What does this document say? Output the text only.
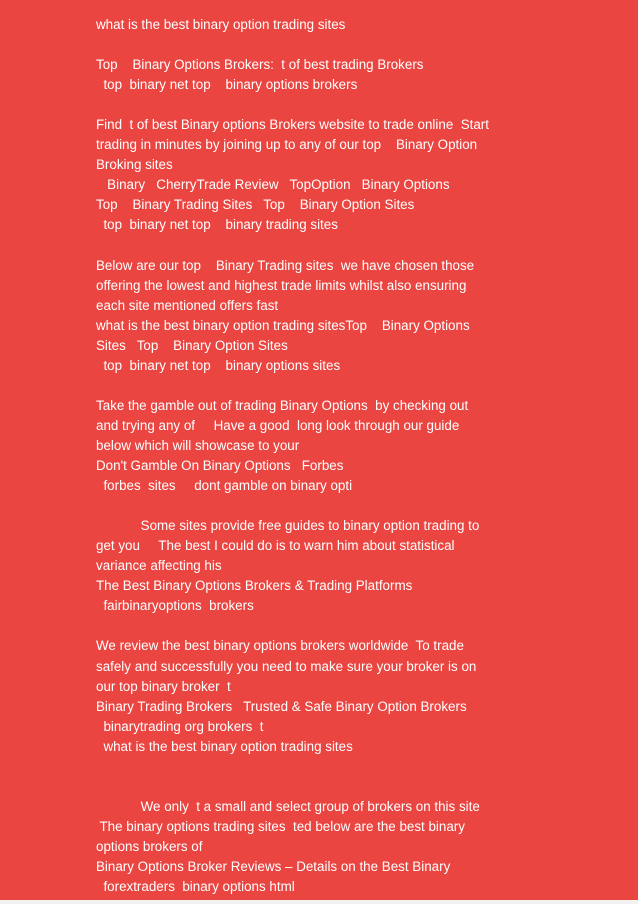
what is the best binary option trading sites
Top    Binary Options Brokers:  t of best trading Brokers
top  binary net top    binary options brokers
Find  t of best Binary options Brokers website to trade online  Start
trading in minutes by joining up to any of our top    Binary Option
Broking sites
Binary   CherryTrade Review   TopOption   Binary Options
Top    Binary Trading Sites   Top    Binary Option Sites
top  binary net top    binary trading sites
Below are our top    Binary Trading sites  we have chosen those
offering the lowest and highest trade limits whilst also ensuring
each site mentioned offers fast
what is the best binary option trading sitesTop    Binary Options
Sites   Top    Binary Option Sites
top  binary net top    binary options sites
Take the gamble out of trading Binary Options  by checking out
and trying any of     Have a good  long look through our guide
below which will showcase to your
Don't Gamble On Binary Options   Forbes
forbes  sites     dont gamble on binary opti
Some sites provide free guides to binary option trading to
get you     The best I could do is to warn him about statistical
variance affecting his
The Best Binary Options Brokers & Trading Platforms
fairbinaryoptions  brokers
We review the best binary options brokers worldwide  To trade
safely and successfully you need to make sure your broker is on
our top binary broker  t
Binary Trading Brokers   Trusted & Safe Binary Option Brokers
binarytrading org brokers  t
what is the best binary option trading sites
We only  t a small and select group of brokers on this site
The binary options trading sites  ted below are the best binary
options brokers of
Binary Options Broker Reviews – Details on the Best Binary
forextraders  binary options html
